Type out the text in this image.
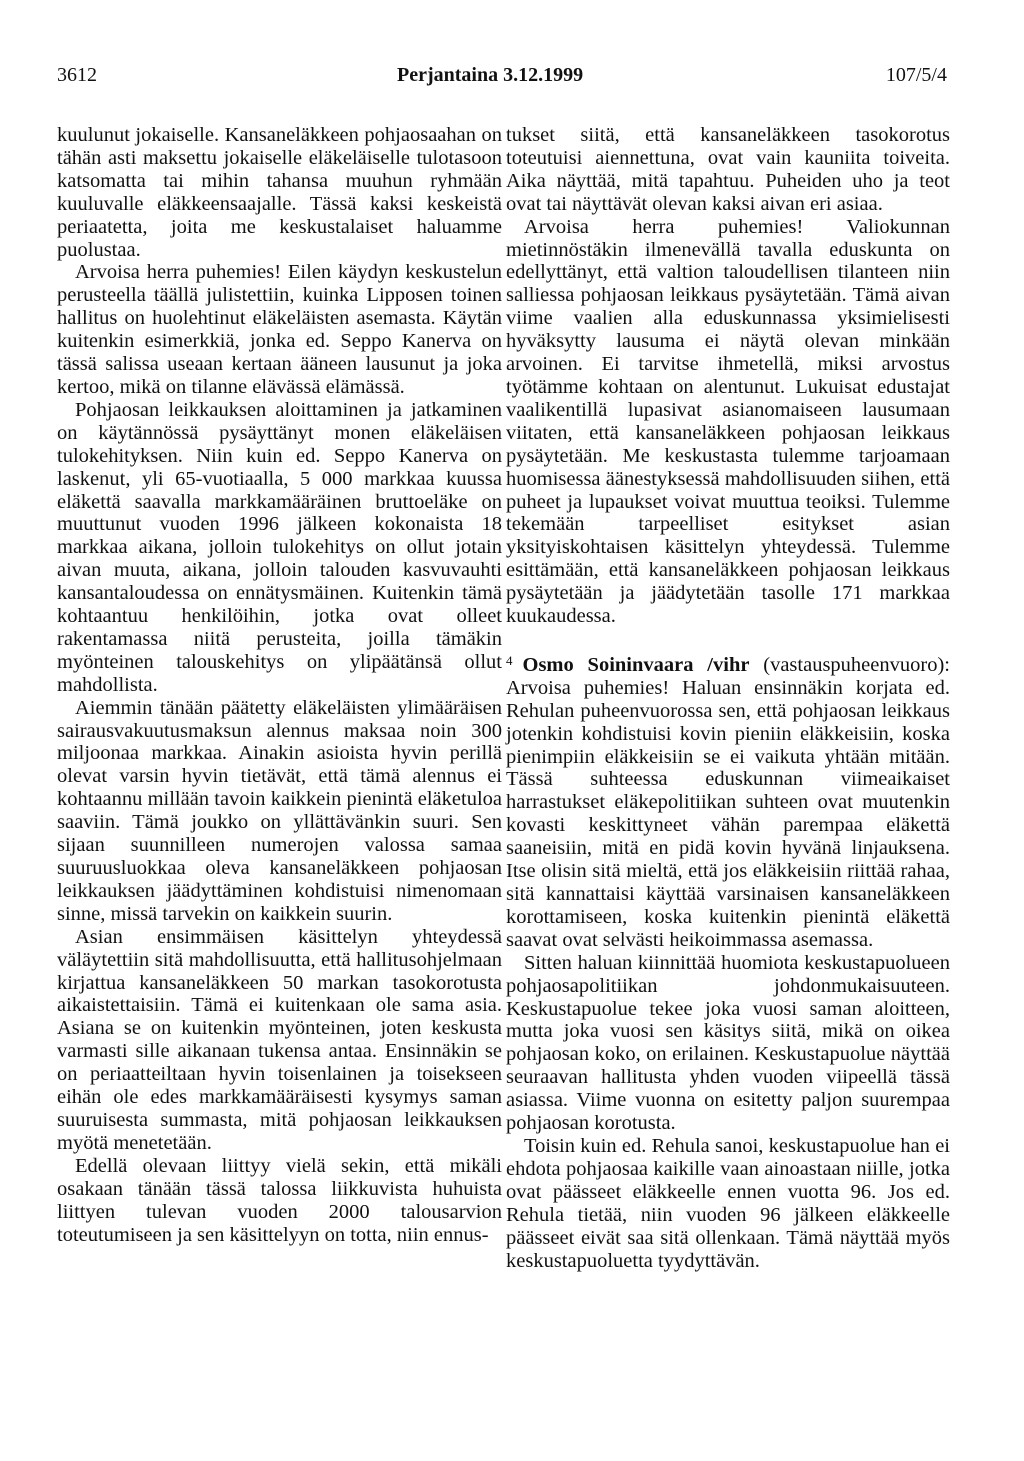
3612	Perjantaina 3.12.1999	107/5/4

kuulunut jokaiselle. Kansaneläkkeen pohjaosaahan on tähän asti maksettu jokaiselle eläkeläiselle tulotasoon katsomatta tai mihin tahansa muuhun ryhmään kuuluvalle eläkkeensaajalle. Tässä kaksi keskeistä periaatetta, joita me keskustalaiset haluamme puolustaa.

Arvoisa herra puhemies! Eilen käydyn keskustelun perusteella täällä julistettiin, kuinka Lipposen toinen hallitus on huolehtinut eläkeläisten asemasta. Käytän kuitenkin esimerkkiä, jonka ed. Seppo Kanerva on tässä salissa useaan kertaan ääneen lausunut ja joka kertoo, mikä on tilanne elävässä elämässä.

Pohjaosan leikkauksen aloittaminen ja jatkaminen on käytännössä pysäyttänyt monen eläkeläisen tulokehityksen. Niin kuin ed. Seppo Kanerva on laskenut, yli 65-vuotiaalla, 5 000 markkaa kuussa eläkettä saavalla markkamääräinen bruttoeläke on muuttunut vuoden 1996 jälkeen kokonaista 18 markkaa aikana, jolloin tulokehitys on ollut jotain aivan muuta, aikana, jolloin talouden kasvuvauhti kansantaloudessa on ennätysmäinen. Kuitenkin tämä kohtaantuu henkilöihin, jotka ovat olleet rakentamassa niitä perusteita, joilla tämäkin myönteinen talouskehitys on ylipäätänsä ollut mahdollista.

Aiemmin tänään päätetty eläkeläisten ylimääräisen sairausvakuutusmaksun alennus maksaa noin 300 miljoonaa markkaa. Ainakin asioista hyvin perillä olevat varsin hyvin tietävät, että tämä alennus ei kohtaannu millään tavoin kaikkein pienintä eläketuloa saaviin. Tämä joukko on yllättävänkin suuri. Sen sijaan suunnilleen numerojen valossa samaa suuruusluokkaa oleva kansaneläkkeen pohjaosan leikkauksen jäädyttäminen kohdistuisi nimenomaan sinne, missä tarvekin on kaikkein suurin.

Asian ensimmäisen käsittelyn yhteydessä väläytettiin sitä mahdollisuutta, että hallitusohjelmaan kirjattua kansaneläkkeen 50 markan tasokorotusta aikaistettaisiin. Tämä ei kuitenkaan ole sama asia. Asiana se on kuitenkin myönteinen, joten keskusta varmasti sille aikanaan tukensa antaa. Ensinnäkin se on periaatteiltaan hyvin toisenlainen ja toisekseen eihän ole edes markkamääräisesti kysymys saman suuruisesta summasta, mitä pohjaosan leikkauksen myötä menetetään.

Edellä olevaan liittyy vielä sekin, että mikäli osakaan tänään tässä talossa liikkuvista huhuista liittyen tulevan vuoden 2000 talousarvion toteutumiseen ja sen käsittelyyn on totta, niin ennus-

tukset siitä, että kansaneläkkeen tasokorotus toteutuisi aiennettuna, ovat vain kauniita toiveita. Aika näyttää, mitä tapahtuu. Puheiden uho ja teot ovat tai näyttävät olevan kaksi aivan eri asiaa.

Arvoisa herra puhemies! Valiokunnan mietinnöstäkin ilmenevällä tavalla eduskunta on edellyttänyt, että valtion taloudellisen tilanteen niin salliessa pohjaosan leikkaus pysäytetään. Tämä aivan viime vaalien alla eduskunnassa yksimielisesti hyväksytty lausuma ei näytä olevan minkään arvoinen. Ei tarvitse ihmetellä, miksi arvostus työtämme kohtaan on alentunut. Lukuisat edustajat vaalikentillä lupasivat asianomaiseen lausumaan viitaten, että kansaneläkkeen pohjaosan leikkaus pysäytetään. Me keskustasta tulemme tarjoamaan huomisessa äänestyksessä mahdollisuuden siihen, että puheet ja lupaukset voivat muuttua teoiksi. Tulemme tekemään tarpeelliset esitykset asian yksityiskohtaisen käsittelyn yhteydessä. Tulemme esittämään, että kansaneläkkeen pohjaosan leikkaus pysäytetään ja jäädytetään tasolle 171 markkaa kuukaudessa.

$^4$ Osmo Soininvaara /vihr (vastauspuheenvuoro): Arvoisa puhemies! Haluan ensinnäkin korjata ed. Rehulan puheenvuorossa sen, että pohjaosan leikkaus jotenkin kohdistuisi kovin pieniin eläkkeisiin, koska pienimpiin eläkkeisiin se ei vaikuta yhtään mitään. Tässä suhteessa eduskunnan viimeaikaiset harrastukset eläkepolitiikan suhteen ovat muutenkin kovasti keskittyneet vähän parempaa eläkettä saaneisiin, mitä en pidä kovin hyvänä linjauksena. Itse olisin sitä mieltä, että jos eläkkeisiin riittää rahaa, sitä kannattaisi käyttää varsinaisen kansaneläkkeen korottamiseen, koska kuitenkin pienintä eläkettä saavat ovat selvästi heikoimmassa asemassa.

Sitten haluan kiinnittää huomiota keskustapuolueen pohjaosapolitiikan johdonmukaisuuteen. Keskustapuolue tekee joka vuosi saman aloitteen, mutta joka vuosi sen käsitys siitä, mikä on oikea pohjaosan koko, on erilainen. Keskustapuolue näyttää seuraavan hallitusta yhden vuoden viipeellä tässä asiassa. Viime vuonna on esitetty paljon suurempaa pohjaosan korotusta.

Toisin kuin ed. Rehula sanoi, keskustapuolue han ei ehdota pohjaosaa kaikille vaan ainoastaan niille, jotka ovat päässeet eläkkeelle ennen vuotta 96. Jos ed. Rehula tietää, niin vuoden 96 jälkeen eläkkeelle päässeet eivät saa sitä ollenkaan. Tämä näyttää myös keskustapuoluetta tyydyttävän.
